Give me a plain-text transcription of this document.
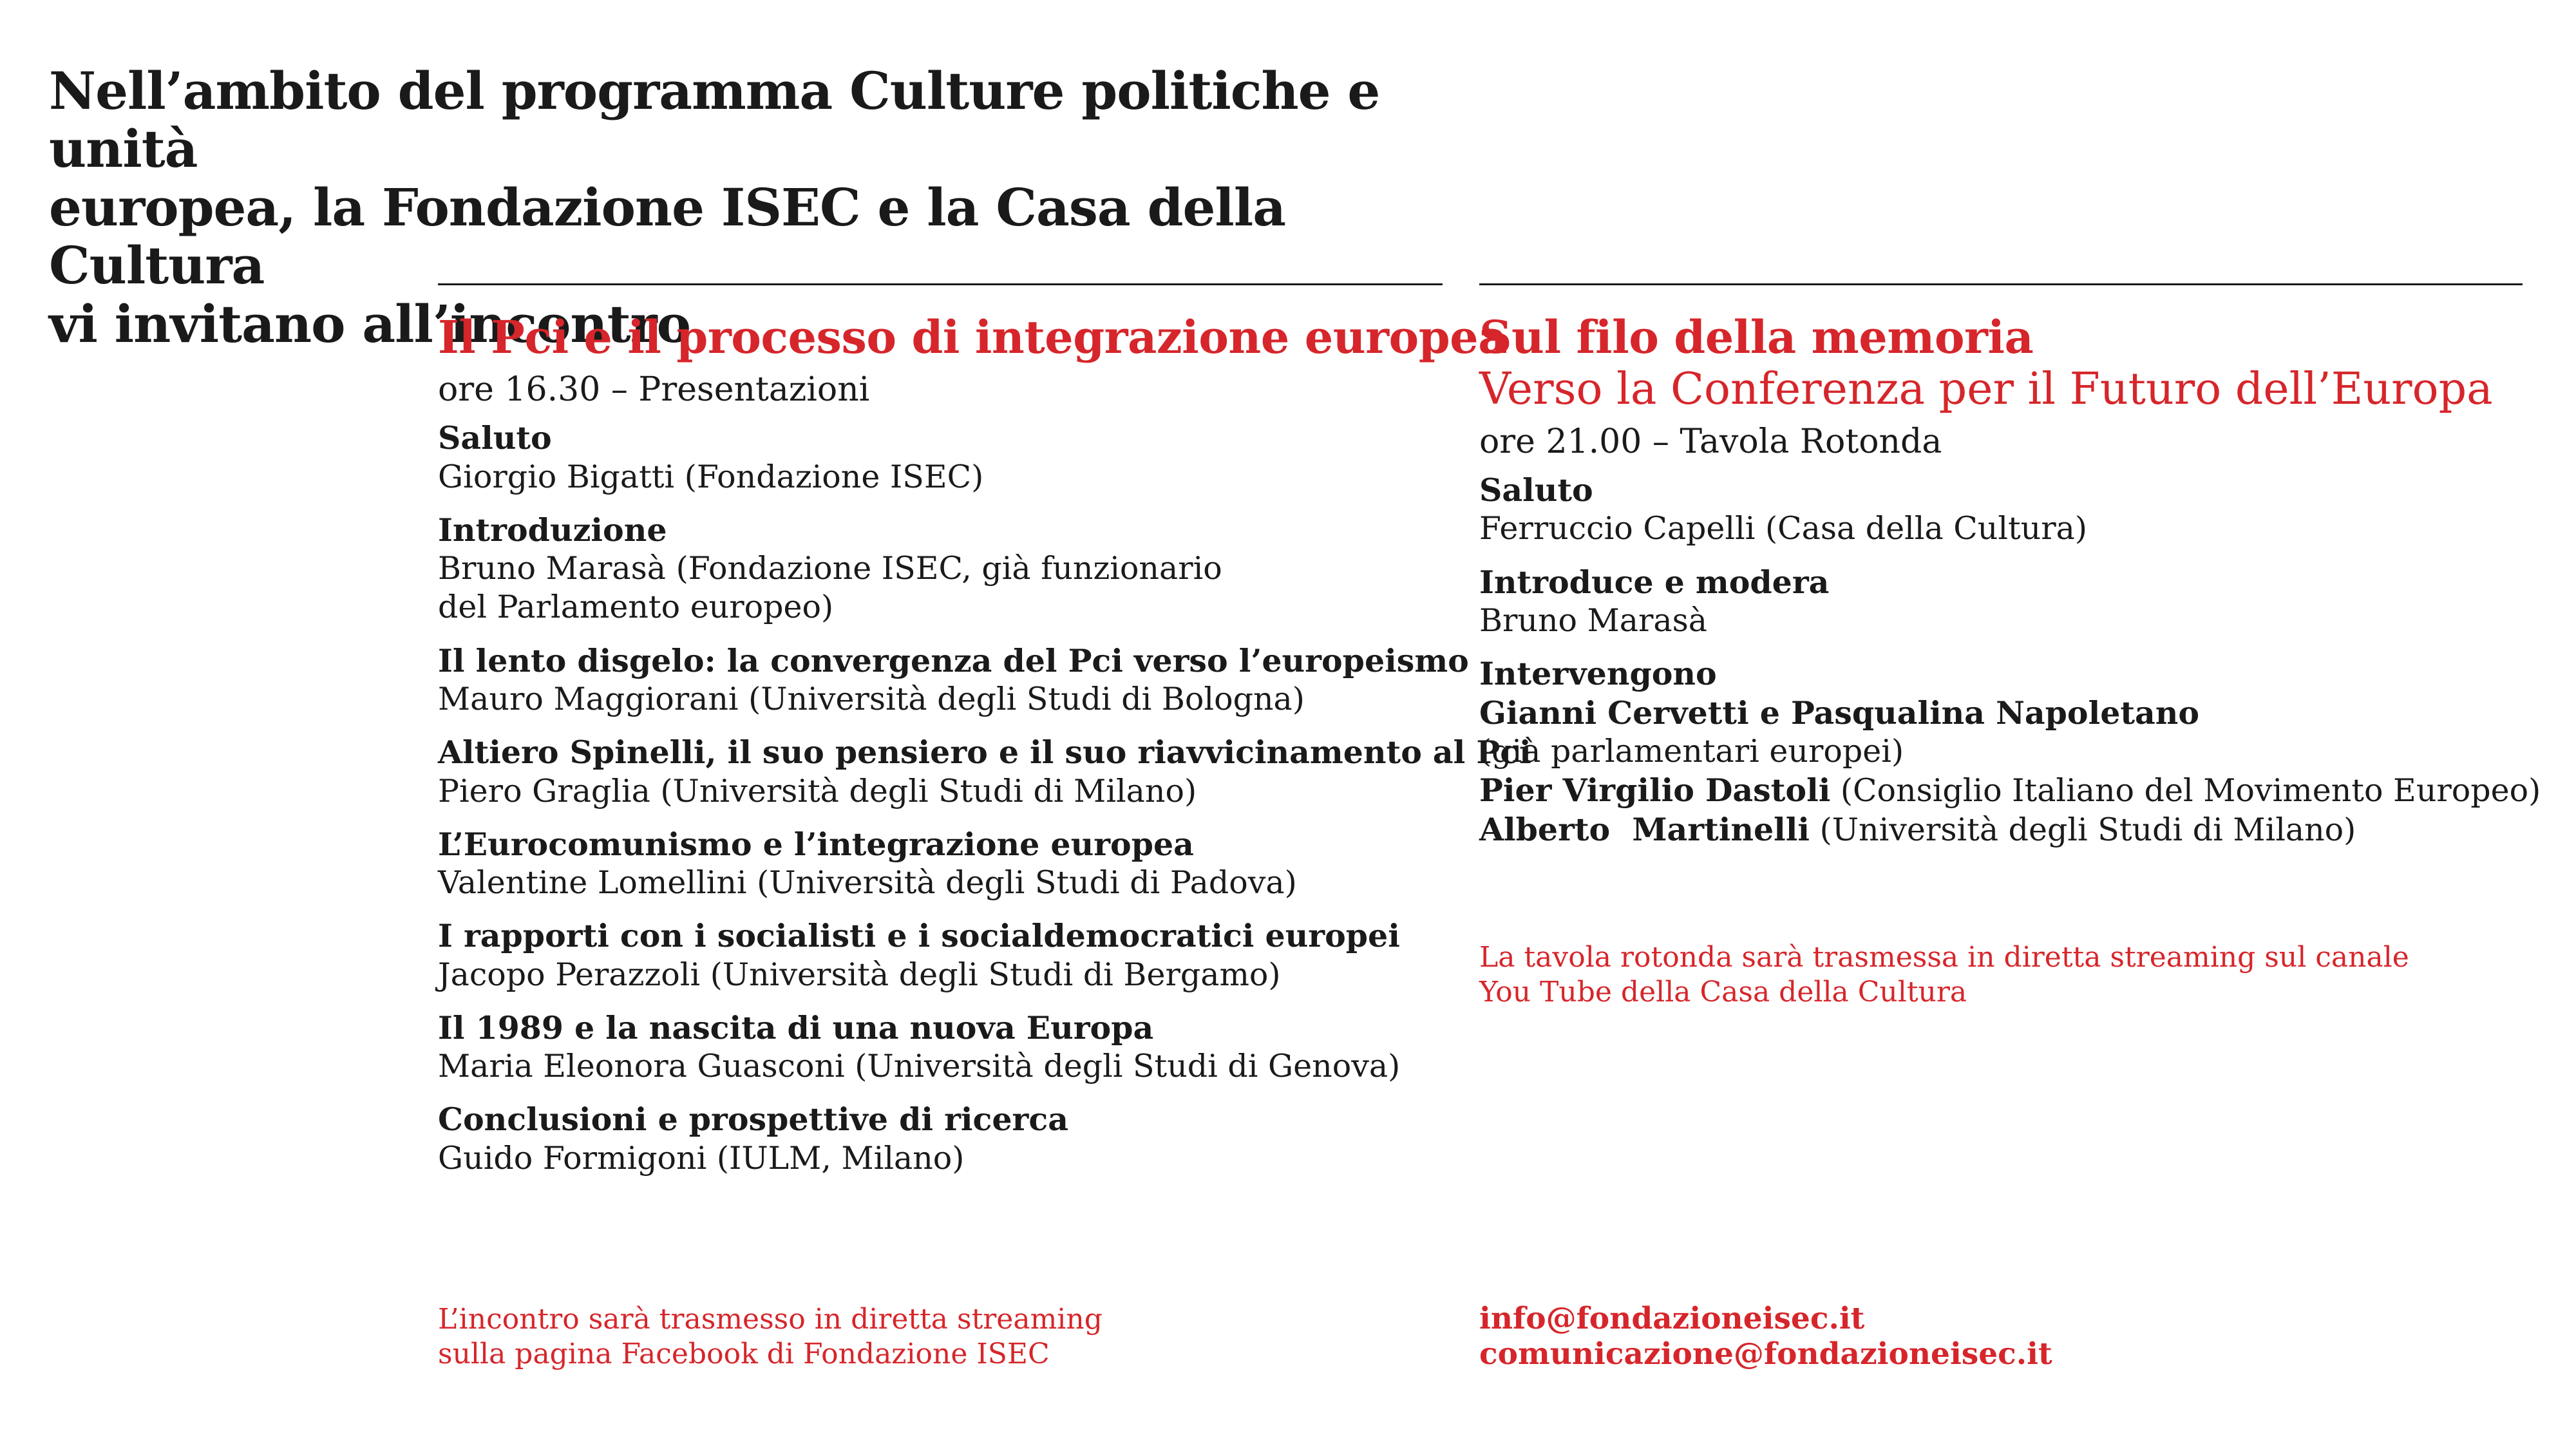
Nell’ambito del programma Culture politiche e unità
europea, la Fondazione ISEC e la Casa della Cultura
vi invitano all’incontro
Il Pci e il processo di integrazione europea
ore 16.30 – Presentazioni
Saluto
Giorgio Bigatti (Fondazione ISEC)
Introduzione
Bruno Marasà (Fondazione ISEC, già funzionario
del Parlamento europeo)
Il lento disgelo: la convergenza del Pci verso l’europeismo
Mauro Maggiorani (Università degli Studi di Bologna)
Altiero Spinelli, il suo pensiero e il suo riavvicinamento al Pci
Piero Graglia (Università degli Studi di Milano)
L’Eurocomunismo e l’integrazione europea
Valentine Lomellini (Università degli Studi di Padova)
I rapporti con i socialisti e i socialdemocratici europei
Jacopo Perazzoli (Università degli Studi di Bergamo)
Il 1989 e la nascita di una nuova Europa
Maria Eleonora Guasconi (Università degli Studi di Genova)
Conclusioni e prospettive di ricerca
Guido Formigoni (IULM, Milano)
L’incontro sarà trasmesso in diretta streaming
sulla pagina Facebook di Fondazione ISEC
Sul filo della memoria
Verso la Conferenza per il Futuro dell’Europa
ore 21.00 – Tavola Rotonda
Saluto
Ferruccio Capelli (Casa della Cultura)
Introduce e modera
Bruno Marasà
Intervengono
Gianni Cervetti e Pasqualina Napoletano
(già parlamentari europei)
Pier Virgilio Dastoli (Consiglio Italiano del Movimento Europeo)
Alberto  Martinelli (Università degli Studi di Milano)
La tavola rotonda sarà trasmessa in diretta streaming sul canale
You Tube della Casa della Cultura
info@fondazioneisec.it
comunicazione@fondazioneisec.it
